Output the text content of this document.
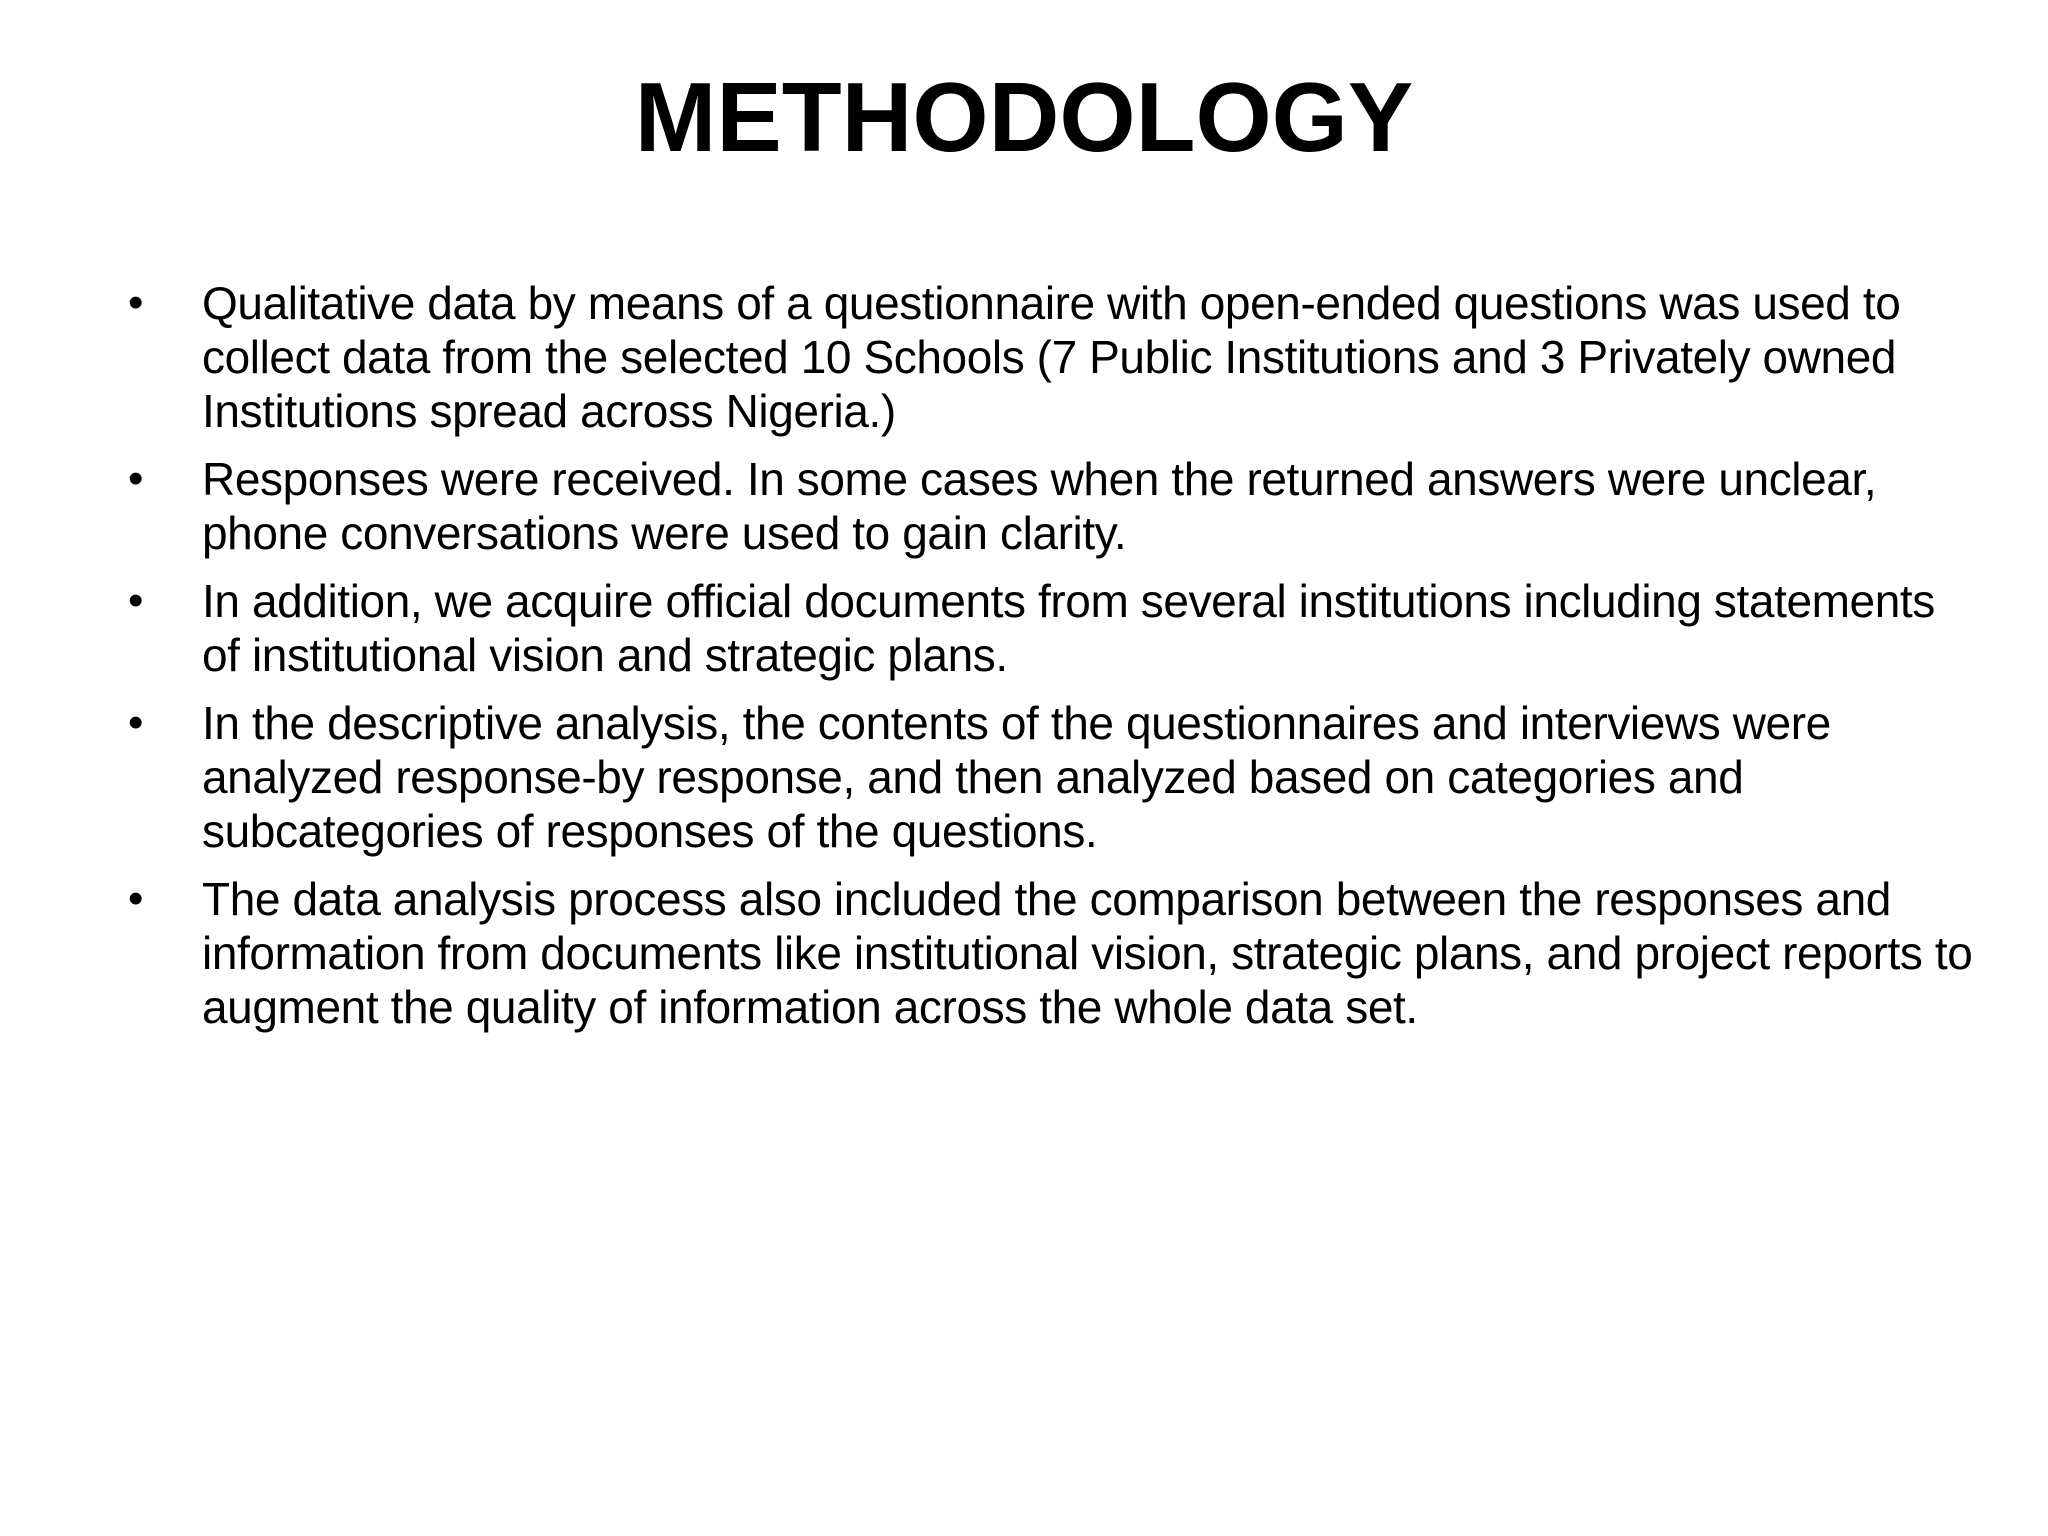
METHODOLOGY
•	Qualitative data by means of a questionnaire with open-ended questions was used to collect data from the selected 10 Schools (7 Public Institutions and 3 Privately owned Institutions spread across Nigeria.)
•	Responses were received. In some cases when the returned answers were unclear, phone conversations were used to gain clarity.
•	In addition, we acquire official documents from several institutions including statements of institutional vision and strategic plans.
•	In the descriptive analysis, the contents of the questionnaires and interviews were analyzed response-by response, and then analyzed based on categories and subcategories of responses of the questions.
•	The data analysis process also included the comparison between the responses and information from documents like institutional vision, strategic plans, and project reports to augment the quality of information across the whole data set.
